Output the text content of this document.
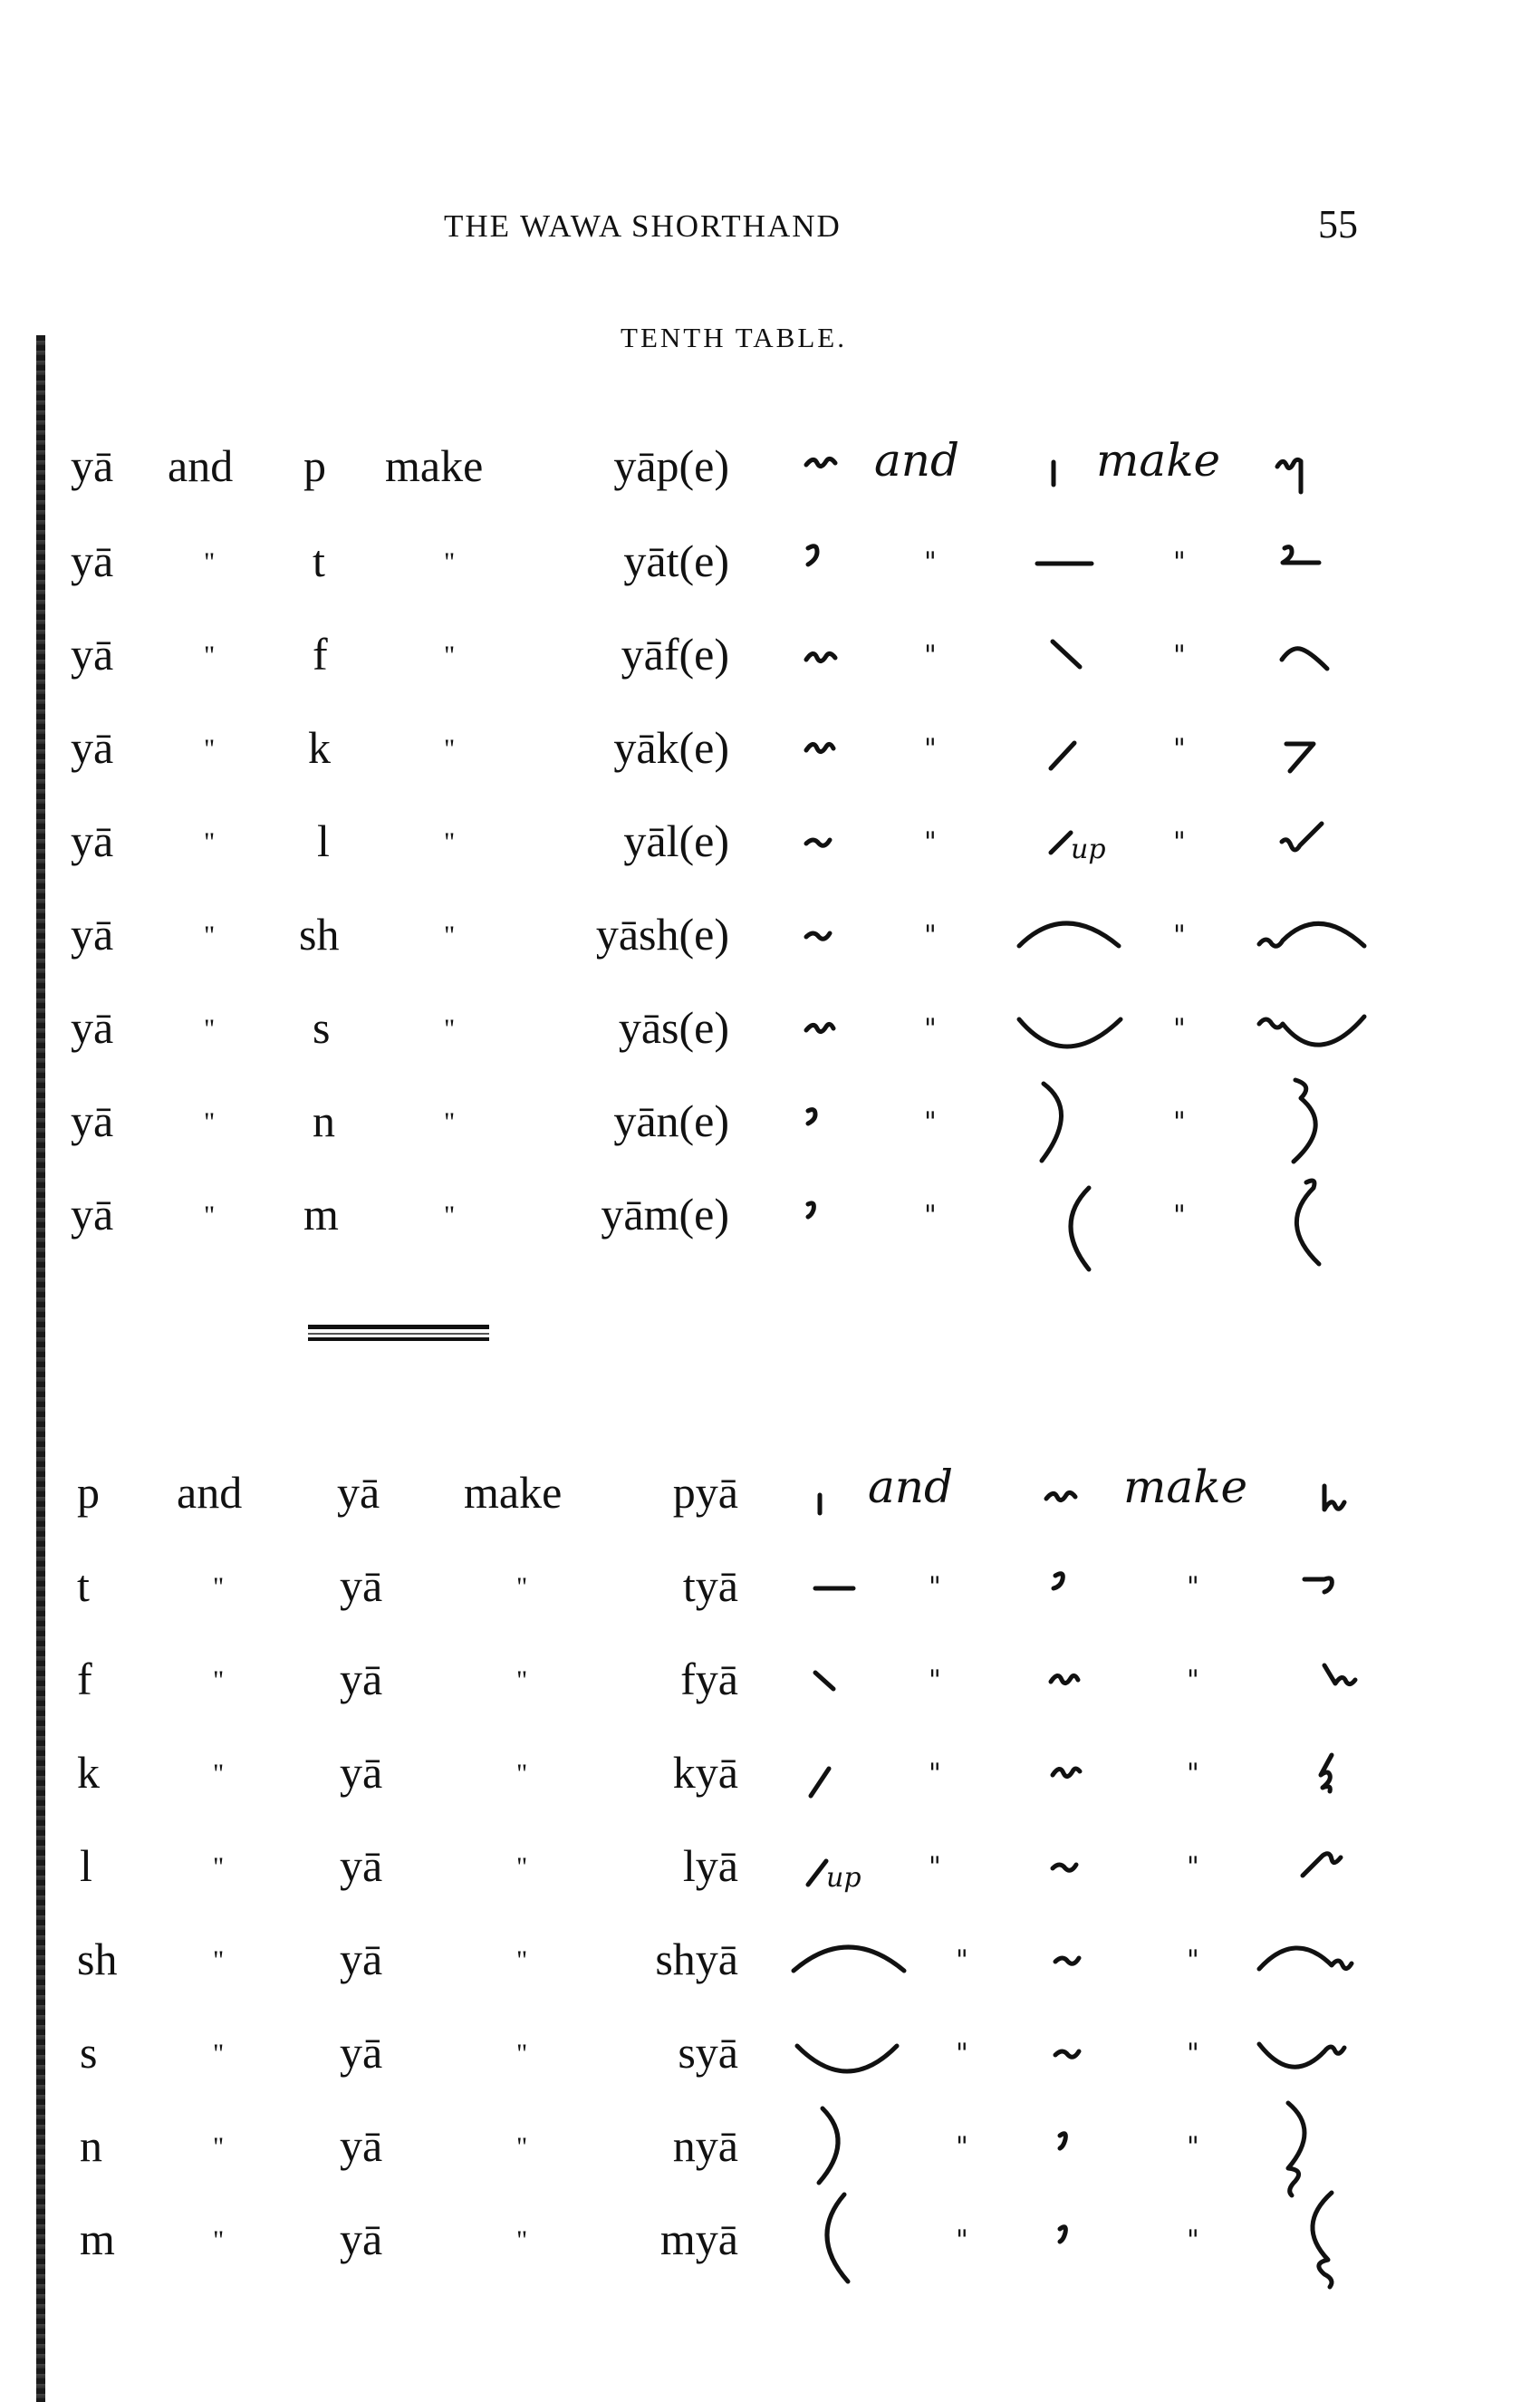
THE WAWA SHORTHAND	55
TENTH TABLE.
yā and p make	yāp(e)	and	make
yā	" t	"	yāt(e)	"	"
yā	" f	"	yāf(e)	"	"
yā	" k	"	yāk(e)	"	"
yā	" l	"	yāl(e)	"	up "
yā	" sh	"	yāsh(e)	"	"
yā	" s	"	yās(e)	"	"
yā	" n	"	yān(e)	"	"
yā	" m	"	yām(e)	"	"
p and yā make	pyā	and	make
t	"	yā	"	tyā	"	"
f	"	yā	"	fyā	"	"
k	"	yā	"	kyā	"	"
l	"	yā	"	lyā	up "	"
sh	"	yā	"	shyā	"	"
s	"	yā	"	syā	"	"
n	"	yā	"	nyā	"	"
m	"	yā	"	myā	"	"
